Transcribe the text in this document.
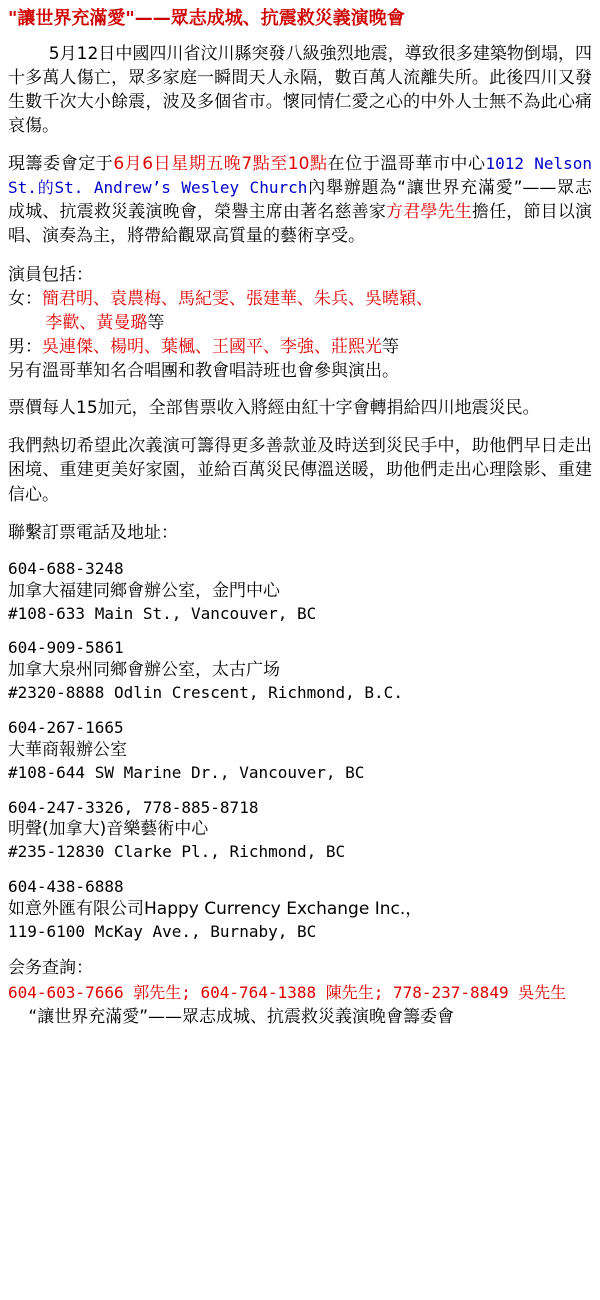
"讓世界充滿愛"——眾志成城、抗震救災義演晚會

5月12日中國四川省汶川縣突發八級強烈地震，導致很多建築物倒塌，四十多萬人傷亡，眾多家庭一瞬間天人永隔，數百萬人流離失所。此後四川又發生數千次大小餘震，波及多個省市。懷同情仁愛之心的中外人士無不為此心痛哀傷。

現籌委會定于6月6日星期五晚7點至10點在位于溫哥華市中心1012 Nelson St.的St. Andrew’s Wesley Church內舉辦題為“讓世界充滿愛”——眾志成城、抗震救災義演晚會，榮譽主席由著名慈善家方君學先生擔任，節目以演唱、演奏為主，將帶給觀眾高質量的藝術享受。

演員包括：

女：簡君明、袁農梅、馬紀雯、張建華、朱兵、吳曉穎、

李歡、黃曼璐等

男：吳連傑、楊明、葉楓、王國平、李強、莊熙光等

另有溫哥華知名合唱團和教會唱詩班也會參與演出。

票價每人15加元，全部售票收入將經由紅十字會轉捐給四川地震災民。

我們熱切希望此次義演可籌得更多善款並及時送到災民手中，助他們早日走出困境、重建更美好家園，並給百萬災民傳溫送暖，助他們走出心理陰影、重建信心。

聯繫訂票電話及地址：

604-688-3248
加拿大福建同鄉會辦公室，金門中心
#108-633 Main St., Vancouver, BC
604-909-5861
加拿大泉州同鄉會辦公室，太古广场
#2320-8888 Odlin Crescent, Richmond, B.C.
604-267-1665
大華商報辦公室
#108-644 SW Marine Dr., Vancouver, BC
604-247-3326, 778-885-8718
明聲(加拿大)音樂藝術中心
#235-12830 Clarke Pl., Richmond, BC
604-438-6888
如意外匯有限公司Happy Currency Exchange Inc.，
119-6100 McKay Ave., Burnaby, BC

会务查詢：

604-603-7666 郭先生; 604-764-1388 陳先生; 778-237-8849 吳先生

“讓世界充滿愛”——眾志成城、抗震救災義演晚會籌委會
